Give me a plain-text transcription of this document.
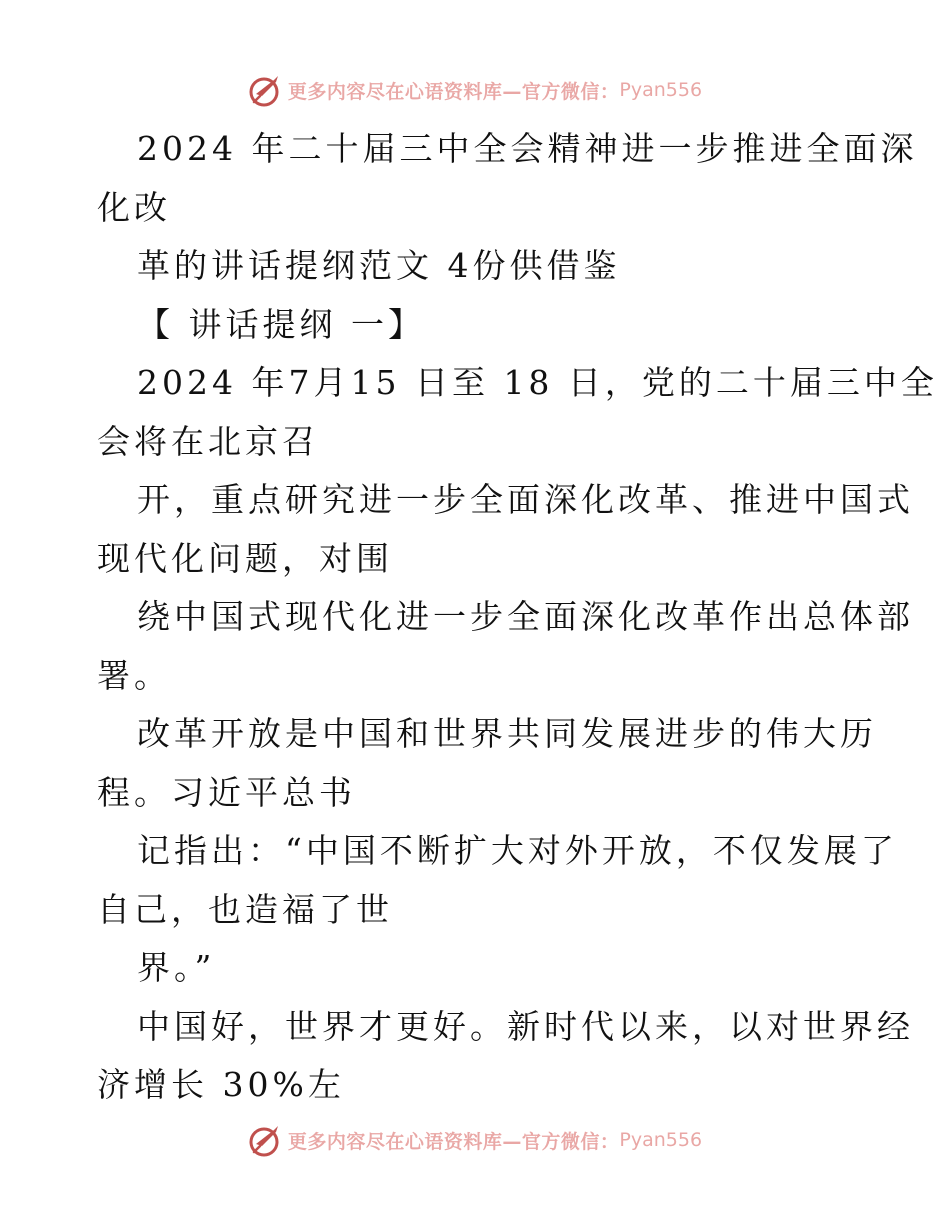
更多内容尽在心语资料库—官方微信： Pyan556
2024 年二十届三中全会精神进一步推进全面深
化改
革的讲话提纲范文 4份供借鉴
【 讲话提纲 一】
2024 年7月15 日至 18 日，党的二十届三中全
会将在北京召
开，重点研究进一步全面深化改革、推进中国式
现代化问题，对围
绕中国式现代化进一步全面深化改革作出总体部
署。
改革开放是中国和世界共同发展进步的伟大历
程。习近平总书
记指出：“中国不断扩大对外开放，不仅发展了
自己，也造福了世
界。”
中国好，世界才更好。新时代以来，以对世界经
济增长 30%左
更多内容尽在心语资料库—官方微信： Pyan556
